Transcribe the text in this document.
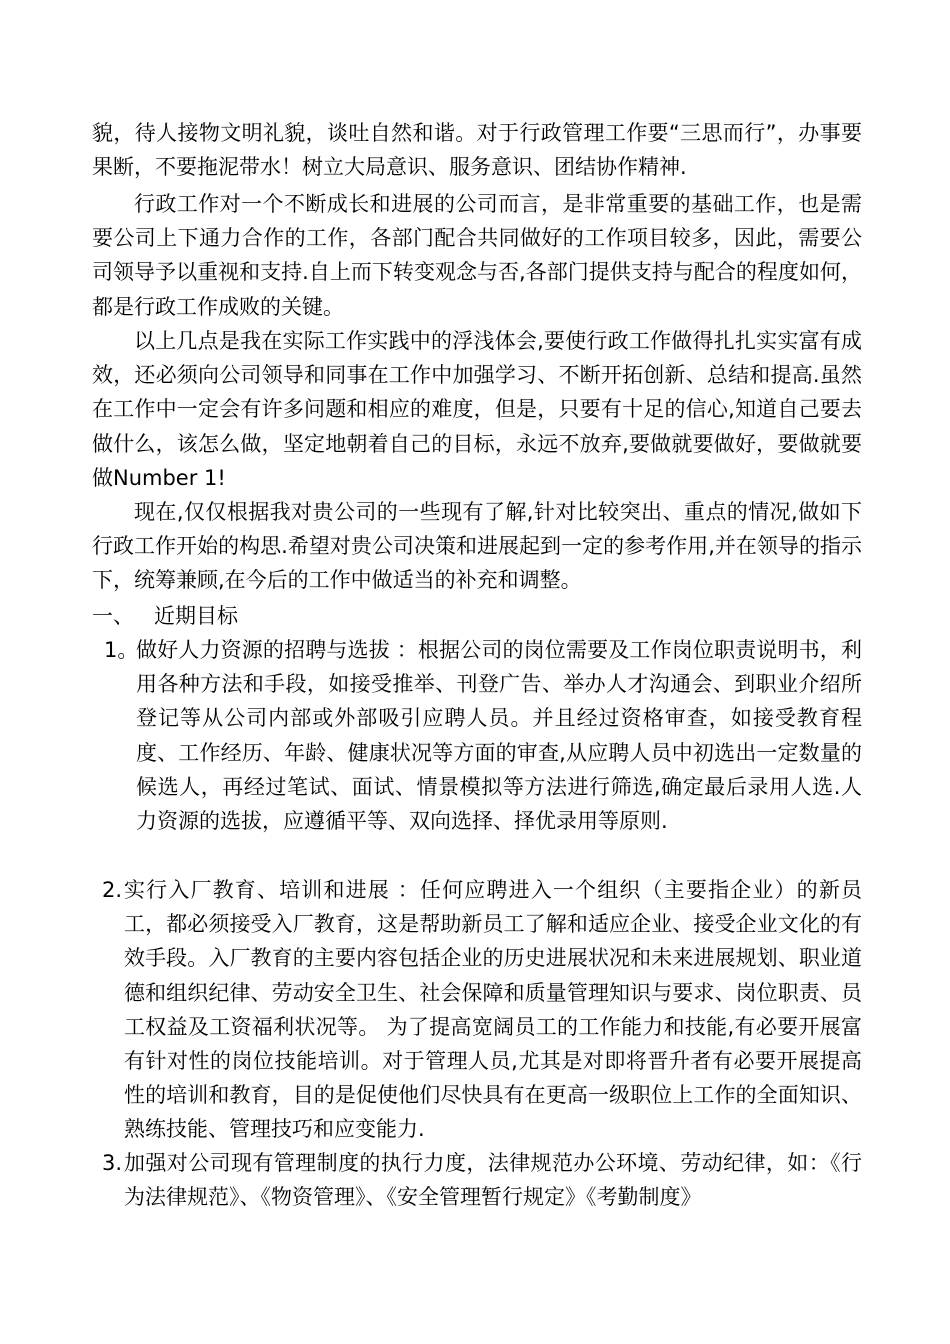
貌，待人接物文明礼貌，谈吐自然和谐。对于行政管理工作要“三思而行”，办事要果断，不要拖泥带水！树立大局意识、服务意识、团结协作精神.

行政工作对一个不断成长和进展的公司而言，是非常重要的基础工作，也是需要公司上下通力合作的工作，各部门配合共同做好的工作项目较多，因此，需要公司领导予以重视和支持.自上而下转变观念与否,各部门提供支持与配合的程度如何，都是行政工作成败的关键。

以上几点是我在实际工作实践中的浮浅体会,要使行政工作做得扎扎实实富有成效，还必须向公司领导和同事在工作中加强学习、不断开拓创新、总结和提高.虽然在工作中一定会有许多问题和相应的难度，但是，只要有十足的信心,知道自己要去做什么，该怎么做，坚定地朝着自己的目标，永远不放弃,要做就要做好，要做就要做Number 1!

现在,仅仅根据我对贵公司的一些现有了解,针对比较突出、重点的情况,做如下行政工作开始的构思.希望对贵公司决策和进展起到一定的参考作用,并在领导的指示下，统筹兼顾,在今后的工作中做适当的补充和调整。

一、 近期目标

1。
做好人力资源的招聘与选拔 ：根据公司的岗位需要及工作岗位职责说明书，利用各种方法和手段，如接受推举、刊登广告、举办人才沟通会、到职业介绍所登记等从公司内部或外部吸引应聘人员。并且经过资格审查，如接受教育程度、工作经历、年龄、健康状况等方面的审查,从应聘人员中初选出一定数量的候选人，再经过笔试、面试、情景模拟等方法进行筛选,确定最后录用人选.人力资源的选拔，应遵循平等、双向选择、择优录用等原则.
2. 实行入厂教育、培训和进展 ：任何应聘进入一个组织（主要指企业）的新员工，都必须接受入厂教育，这是帮助新员工了解和适应企业、接受企业文化的有效手段。入厂教育的主要内容包括企业的历史进展状况和未来进展规划、职业道德和组织纪律、劳动安全卫生、社会保障和质量管理知识与要求、岗位职责、员工权益及工资福利状况等。 为了提高宽阔员工的工作能力和技能,有必要开展富有针对性的岗位技能培训。对于管理人员,尤其是对即将晋升者有必要开展提高性的培训和教育，目的是促使他们尽快具有在更高一级职位上工作的全面知识、熟练技能、管理技巧和应变能力.
3. 加强对公司现有管理制度的执行力度，法律规范办公环境、劳动纪律，如：《行为法律规范》、《物资管理》、《安全管理暂行规定》《考勤制度》
